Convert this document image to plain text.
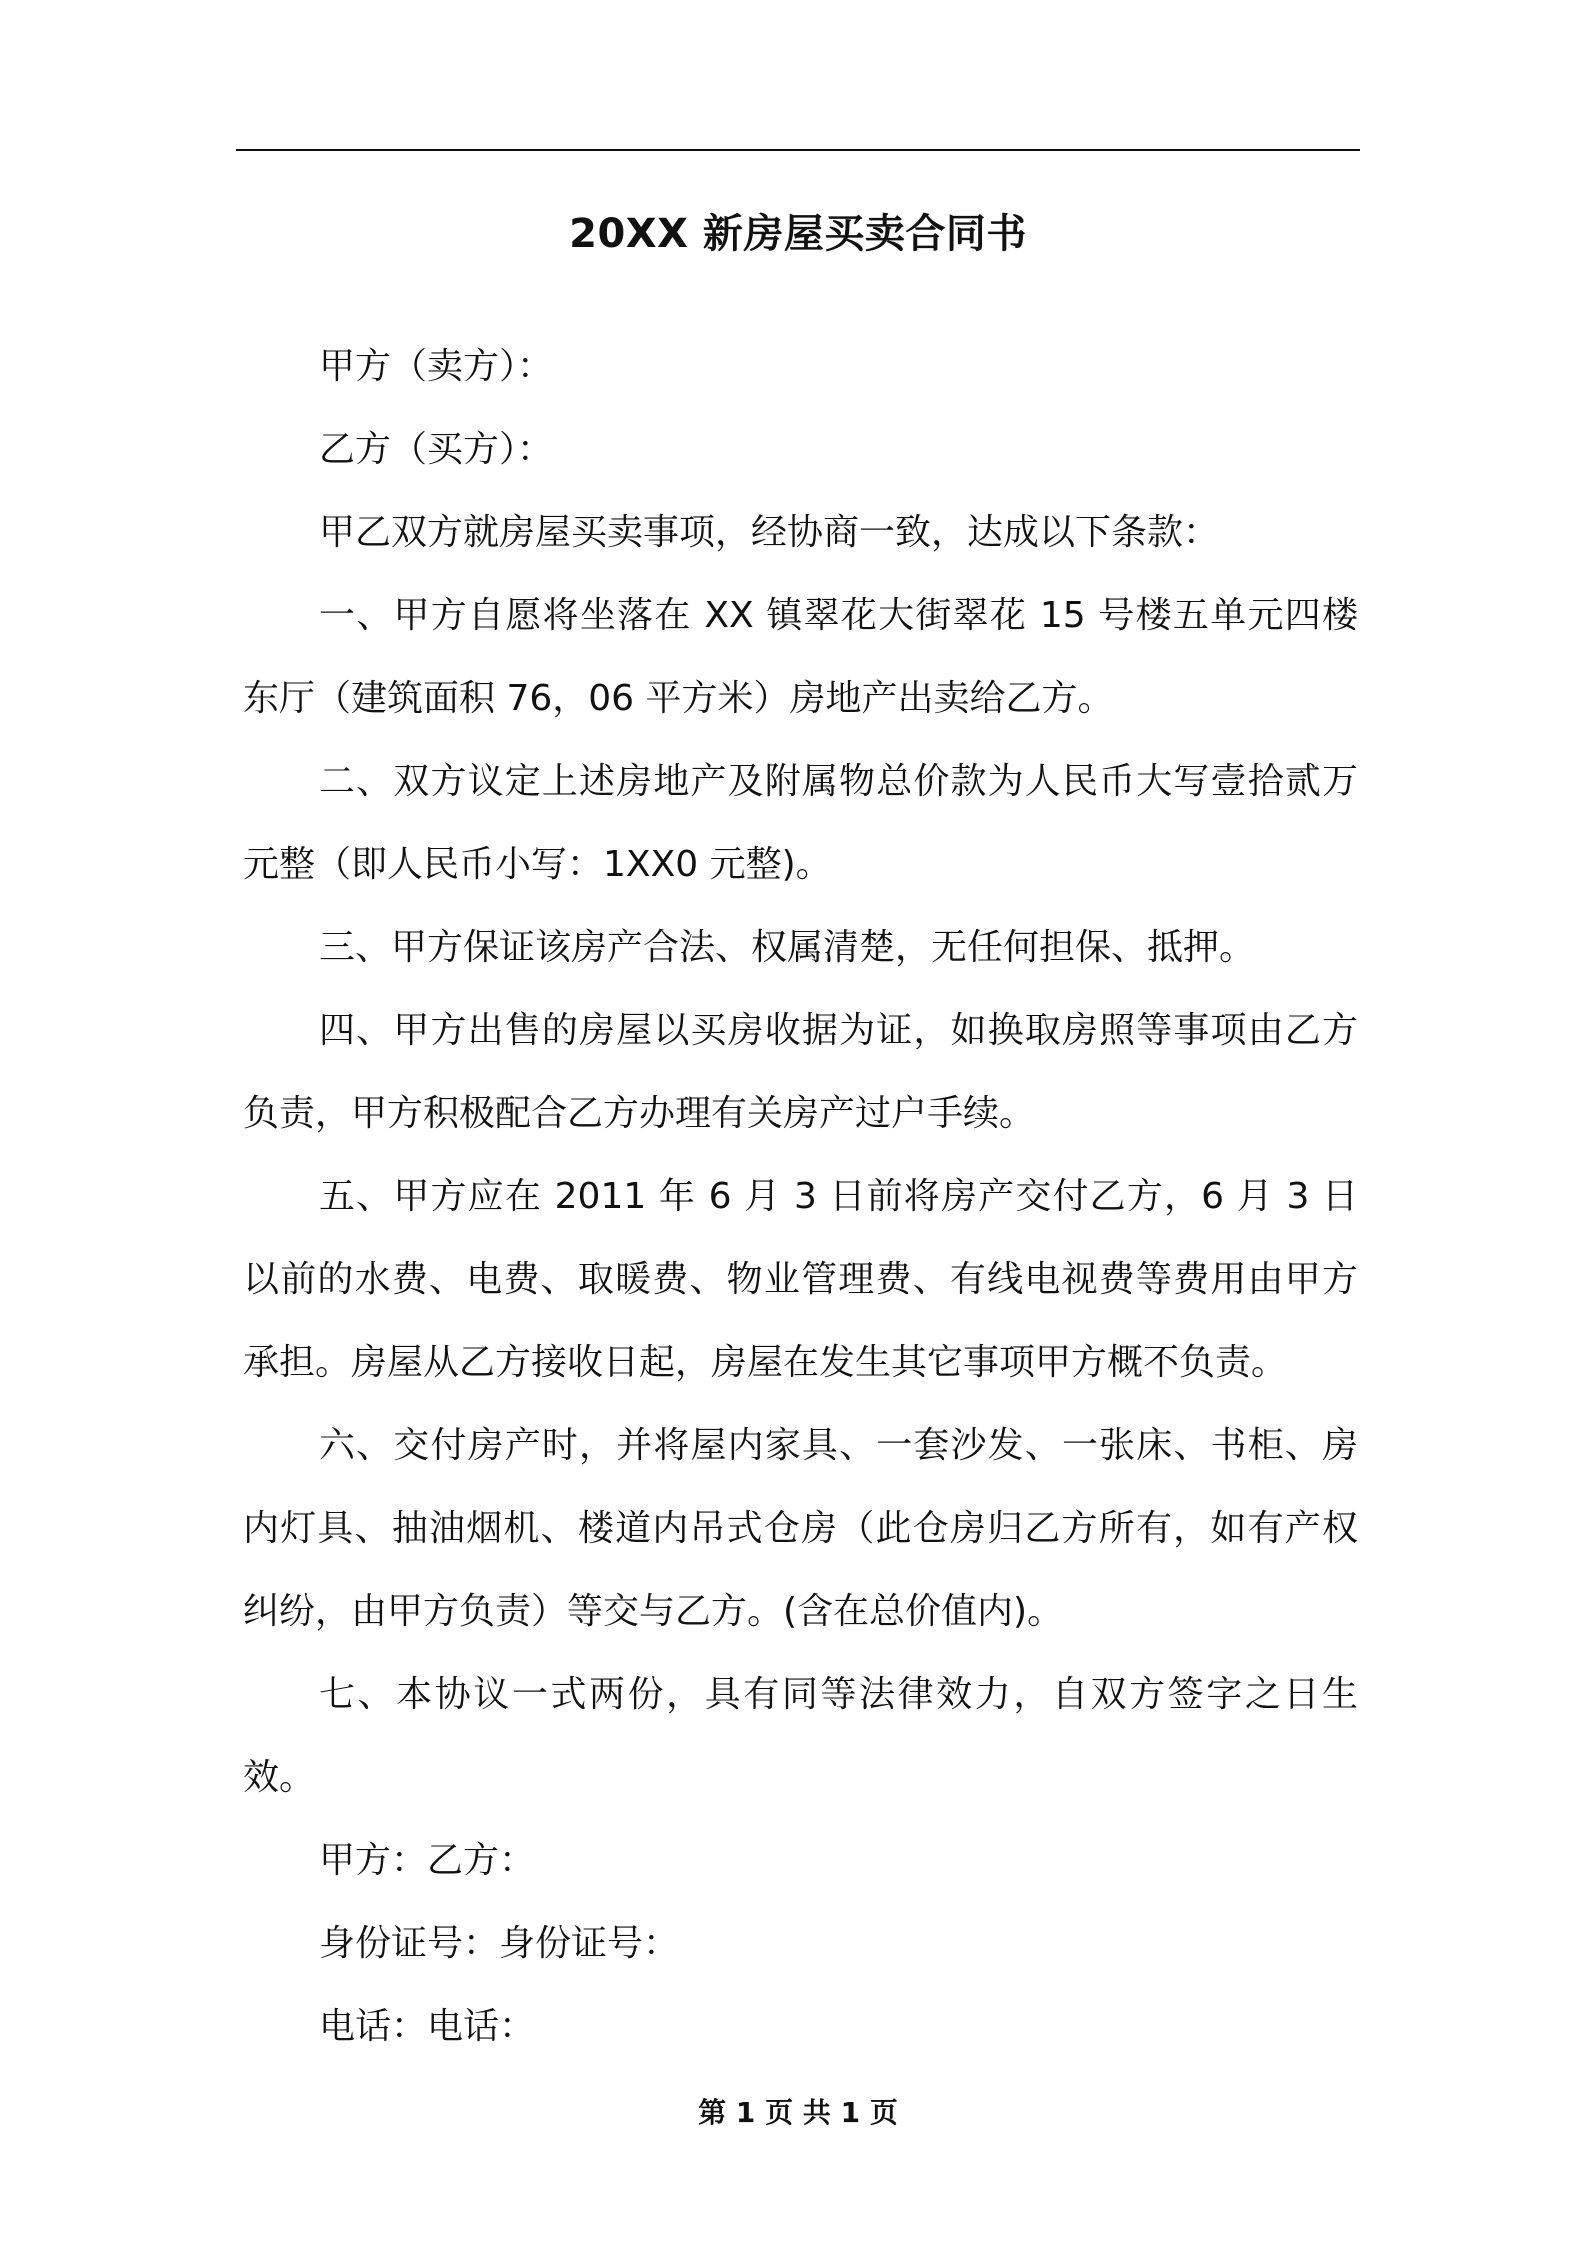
20XX 新房屋买卖合同书

甲方（卖方）：

乙方（买方）：

甲乙双方就房屋买卖事项，经协商一致，达成以下条款：

一、甲方自愿将坐落在 XX 镇翠花大街翠花 15 号楼五单元四楼东厅（建筑面积 76，06 平方米）房地产出卖给乙方。

二、双方议定上述房地产及附属物总价款为人民币大写壹拾贰万元整（即人民币小写：1XX0 元整)。

三、甲方保证该房产合法、权属清楚，无任何担保、抵押。

四、甲方出售的房屋以买房收据为证，如换取房照等事项由乙方负责，甲方积极配合乙方办理有关房产过户手续。

五、甲方应在 2011 年 6 月 3 日前将房产交付乙方，6 月 3 日以前的水费、电费、取暖费、物业管理费、有线电视费等费用由甲方承担。房屋从乙方接收日起，房屋在发生其它事项甲方概不负责。

六、交付房产时，并将屋内家具、一套沙发、一张床、书柜、房内灯具、抽油烟机、楼道内吊式仓房（此仓房归乙方所有，如有产权纠纷，由甲方负责）等交与乙方。(含在总价值内)。

七、本协议一式两份，具有同等法律效力，自双方签字之日生效。

甲方：乙方：

身份证号：身份证号：

电话：电话：

第 1 页 共 1 页
